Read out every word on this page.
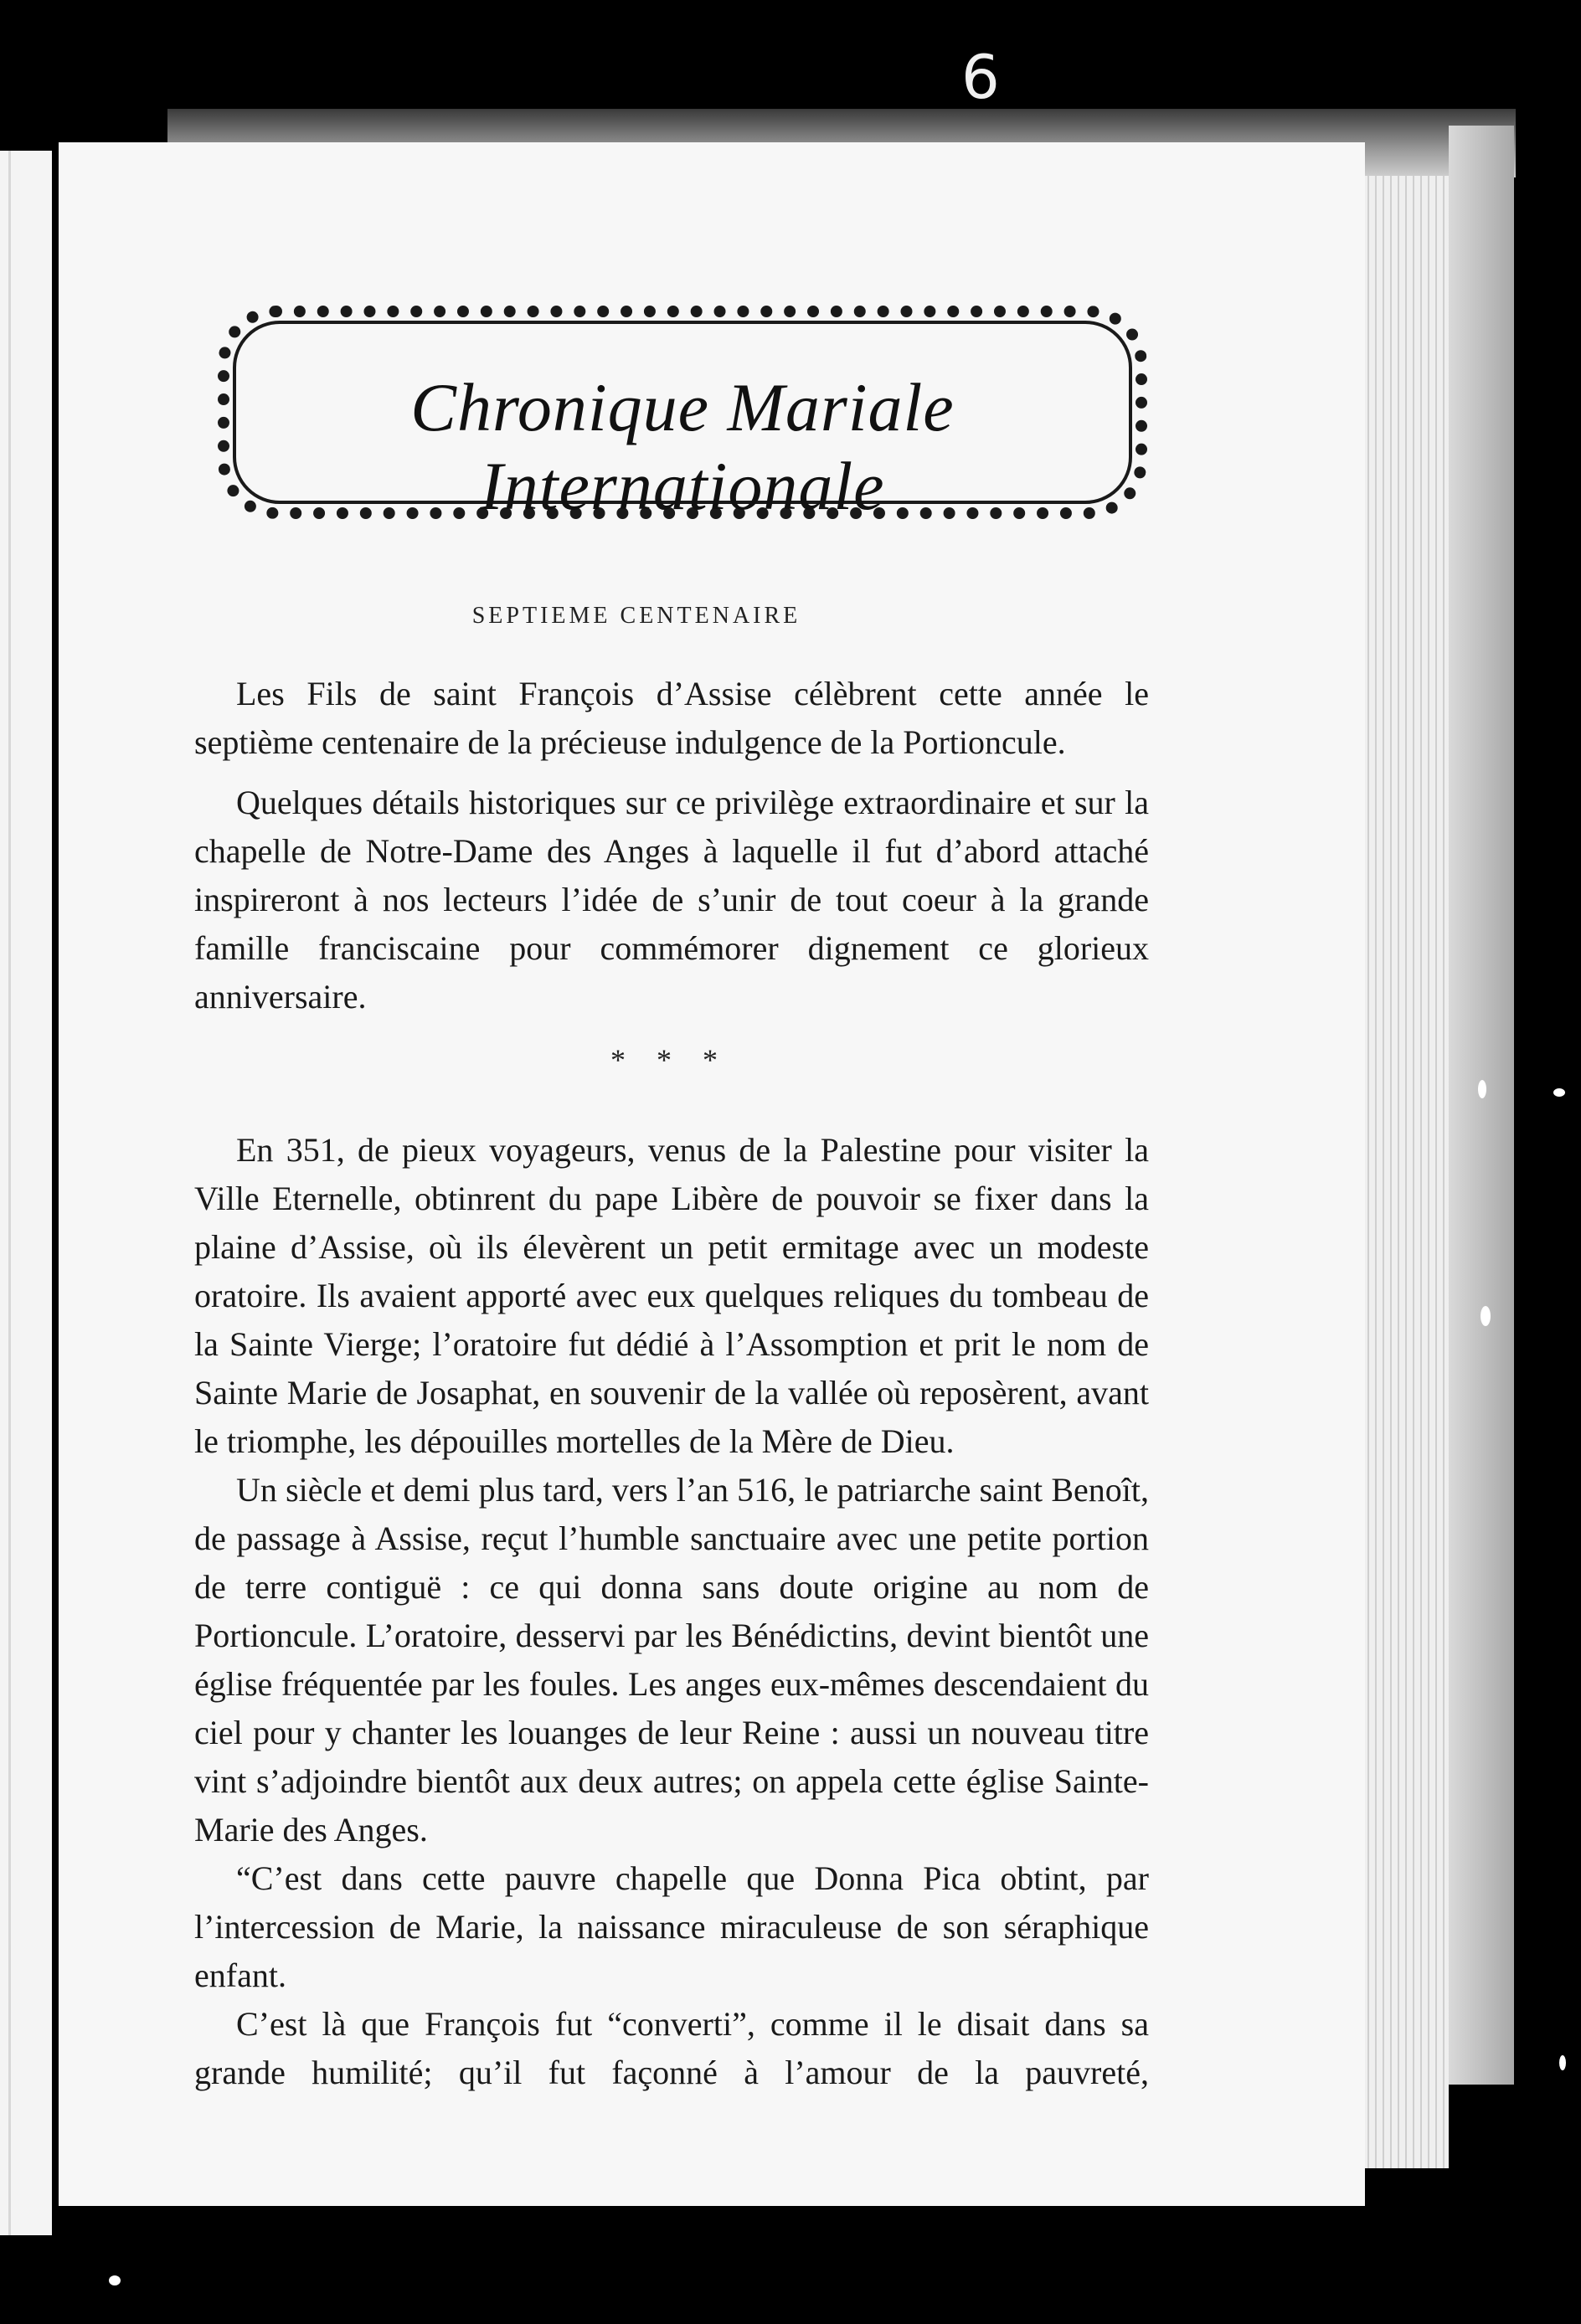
6
Chronique Mariale Internationale
SEPTIEME CENTENAIRE

Les Fils de saint François d’Assise célèbrent cette année le septième centenaire de la précieuse indulgence de la Portioncule.

Quelques détails historiques sur ce privilège extraordinaire et sur la chapelle de Notre-Dame des Anges à laquelle il fut d’abord attaché inspireront à nos lecteurs l’idée de s’unir de tout coeur à la grande famille franciscaine pour commémorer dignement ce glorieux anniversaire.

* * *

En 351, de pieux voyageurs, venus de la Palestine pour visiter la Ville Eternelle, obtinrent du pape Libère de pouvoir se fixer dans la plaine d’Assise, où ils élevèrent un petit ermitage avec un modeste oratoire. Ils avaient apporté avec eux quelques reliques du tombeau de la Sainte Vierge; l’oratoire fut dédié à l’Assomption et prit le nom de Sainte Marie de Josaphat, en souvenir de la vallée où reposèrent, avant le triomphe, les dépouilles mortelles de la Mère de Dieu.

Un siècle et demi plus tard, vers l’an 516, le patriarche saint Benoît, de passage à Assise, reçut l’humble sanctuaire avec une petite portion de terre contiguë : ce qui donna sans doute origine au nom de Portioncule. L’oratoire, desservi par les Bénédictins, devint bientôt une église fréquentée par les foules. Les anges eux-mêmes descendaient du ciel pour y chanter les louanges de leur Reine : aussi un nouveau titre vint s’adjoindre bientôt aux deux autres; on appela cette église Sainte-Marie des Anges.

“C’est dans cette pauvre chapelle que Donna Pica obtint, par l’intercession de Marie, la naissance miraculeuse de son séraphique enfant.

C’est là que François fut “converti”, comme il le disait dans sa grande humilité; qu’il fut façonné à l’amour de la pauvreté,
